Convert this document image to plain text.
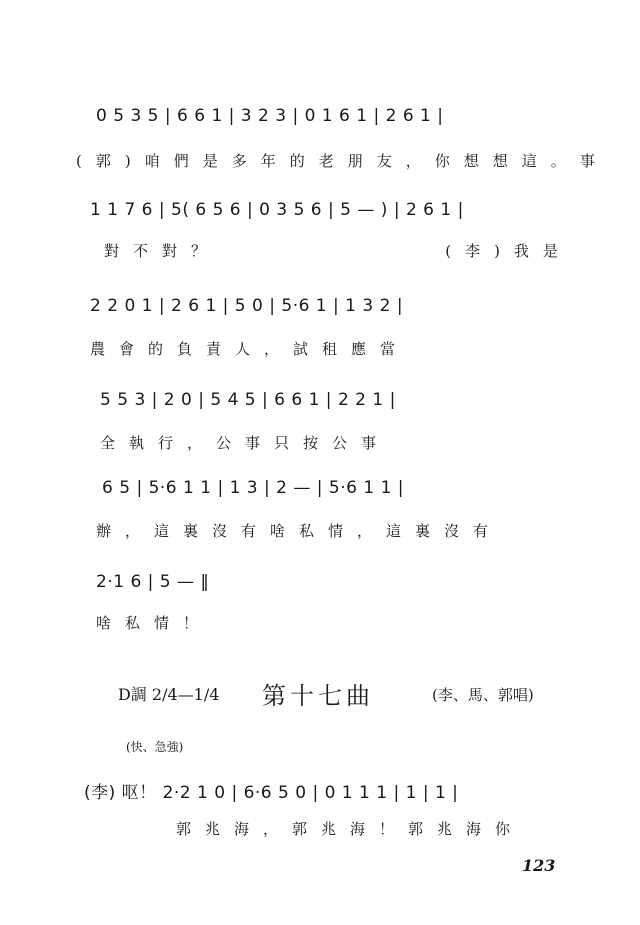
0 5 3 5 | 6 6 1 | 3 2 3 | 0 1 6 1 | 2 6 1 |
(郭)咱們是多年的老朋友，你想想這。事
1 1 7 6 | 5( 6 5 6 | 0 3 5 6 | 5 — ) | 2 6 1 |
對不對？            (李)我是
2 2 0 1 | 2 6 1 | 5 0 | 5·6 1 | 1 3 2 |
農會的負責人，試租應當
5 5 3 | 2 0 | 5 4 5 | 6 6 1 | 2 2 1 |
全執行，公事只按公事
6 5 | 5·6 1 1 | 1 3 | 2 — | 5·6 1 1 |
辦，這裏沒有啥私情，這裏沒有
2·1 6 | 5 — ‖
啥私情！
D調 2/4—1/4 第十七曲	(李、馬、郭唱)
(快、急強)
(李) 呕！ 2·2 1 0 | 6·6 5 0 | 0 1 1 1 | 1 | 1 |
郭兆海，郭兆海！郭兆海你
123
